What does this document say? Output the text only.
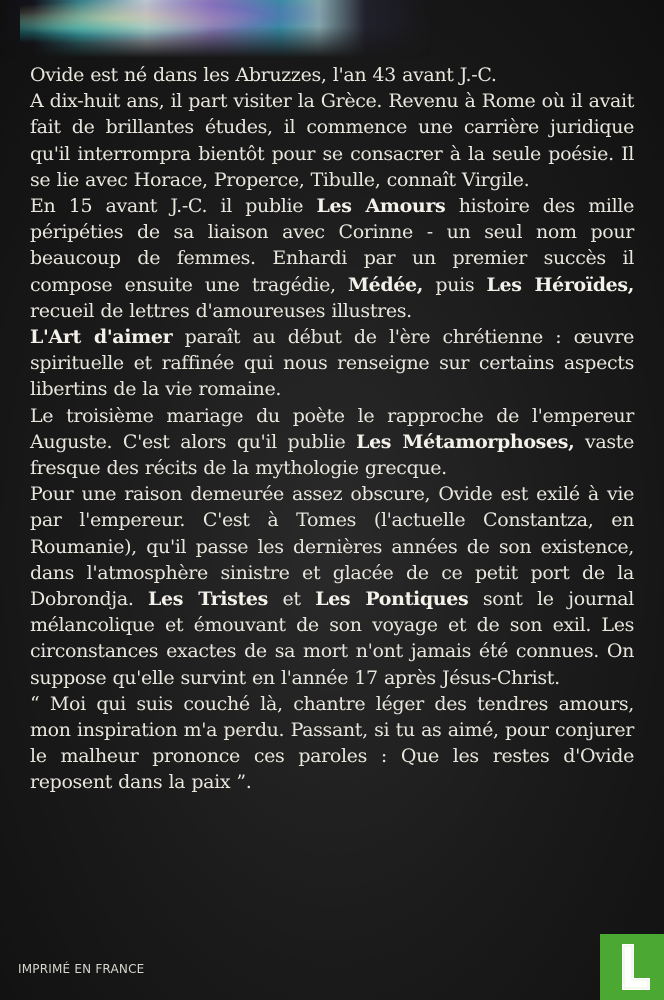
Ovide est né dans les Abruzzes, l'an 43 avant J.-C.

A dix-huit ans, il part visiter la Grèce. Revenu à Rome où il avait fait de brillantes études, il commence une carrière juridique qu'il interrompra bientôt pour se consacrer à la seule poésie. Il se lie avec Horace, Properce, Tibulle, connaît Virgile.

En 15 avant J.-C. il publie Les Amours histoire des mille péripéties de sa liaison avec Corinne - un seul nom pour beaucoup de femmes. Enhardi par un premier succès il compose ensuite une tragédie, Médée, puis Les Héroïdes, recueil de lettres d'amoureuses illustres.

L'Art d'aimer paraît au début de l'ère chrétienne : œuvre spirituelle et raffinée qui nous renseigne sur certains aspects libertins de la vie romaine.

Le troisième mariage du poète le rapproche de l'empereur Auguste. C'est alors qu'il publie Les Métamorphoses, vaste fresque des récits de la mythologie grecque.

Pour une raison demeurée assez obscure, Ovide est exilé à vie par l'empereur. C'est à Tomes (l'actuelle Constantza, en Roumanie), qu'il passe les dernières années de son existence, dans l'atmosphère sinistre et glacée de ce petit port de la Dobrondja. Les Tristes et Les Pontiques sont le journal mélancolique et émouvant de son voyage et de son exil. Les circonstances exactes de sa mort n'ont jamais été connues. On suppose qu'elle survint en l'année 17 après Jésus-Christ.

“ Moi qui suis couché là, chantre léger des tendres amours, mon inspiration m'a perdu. Passant, si tu as aimé, pour conjurer le malheur prononce ces paroles : Que les restes d'Ovide reposent dans la paix ”.

IMPRIMÉ EN FRANCE
